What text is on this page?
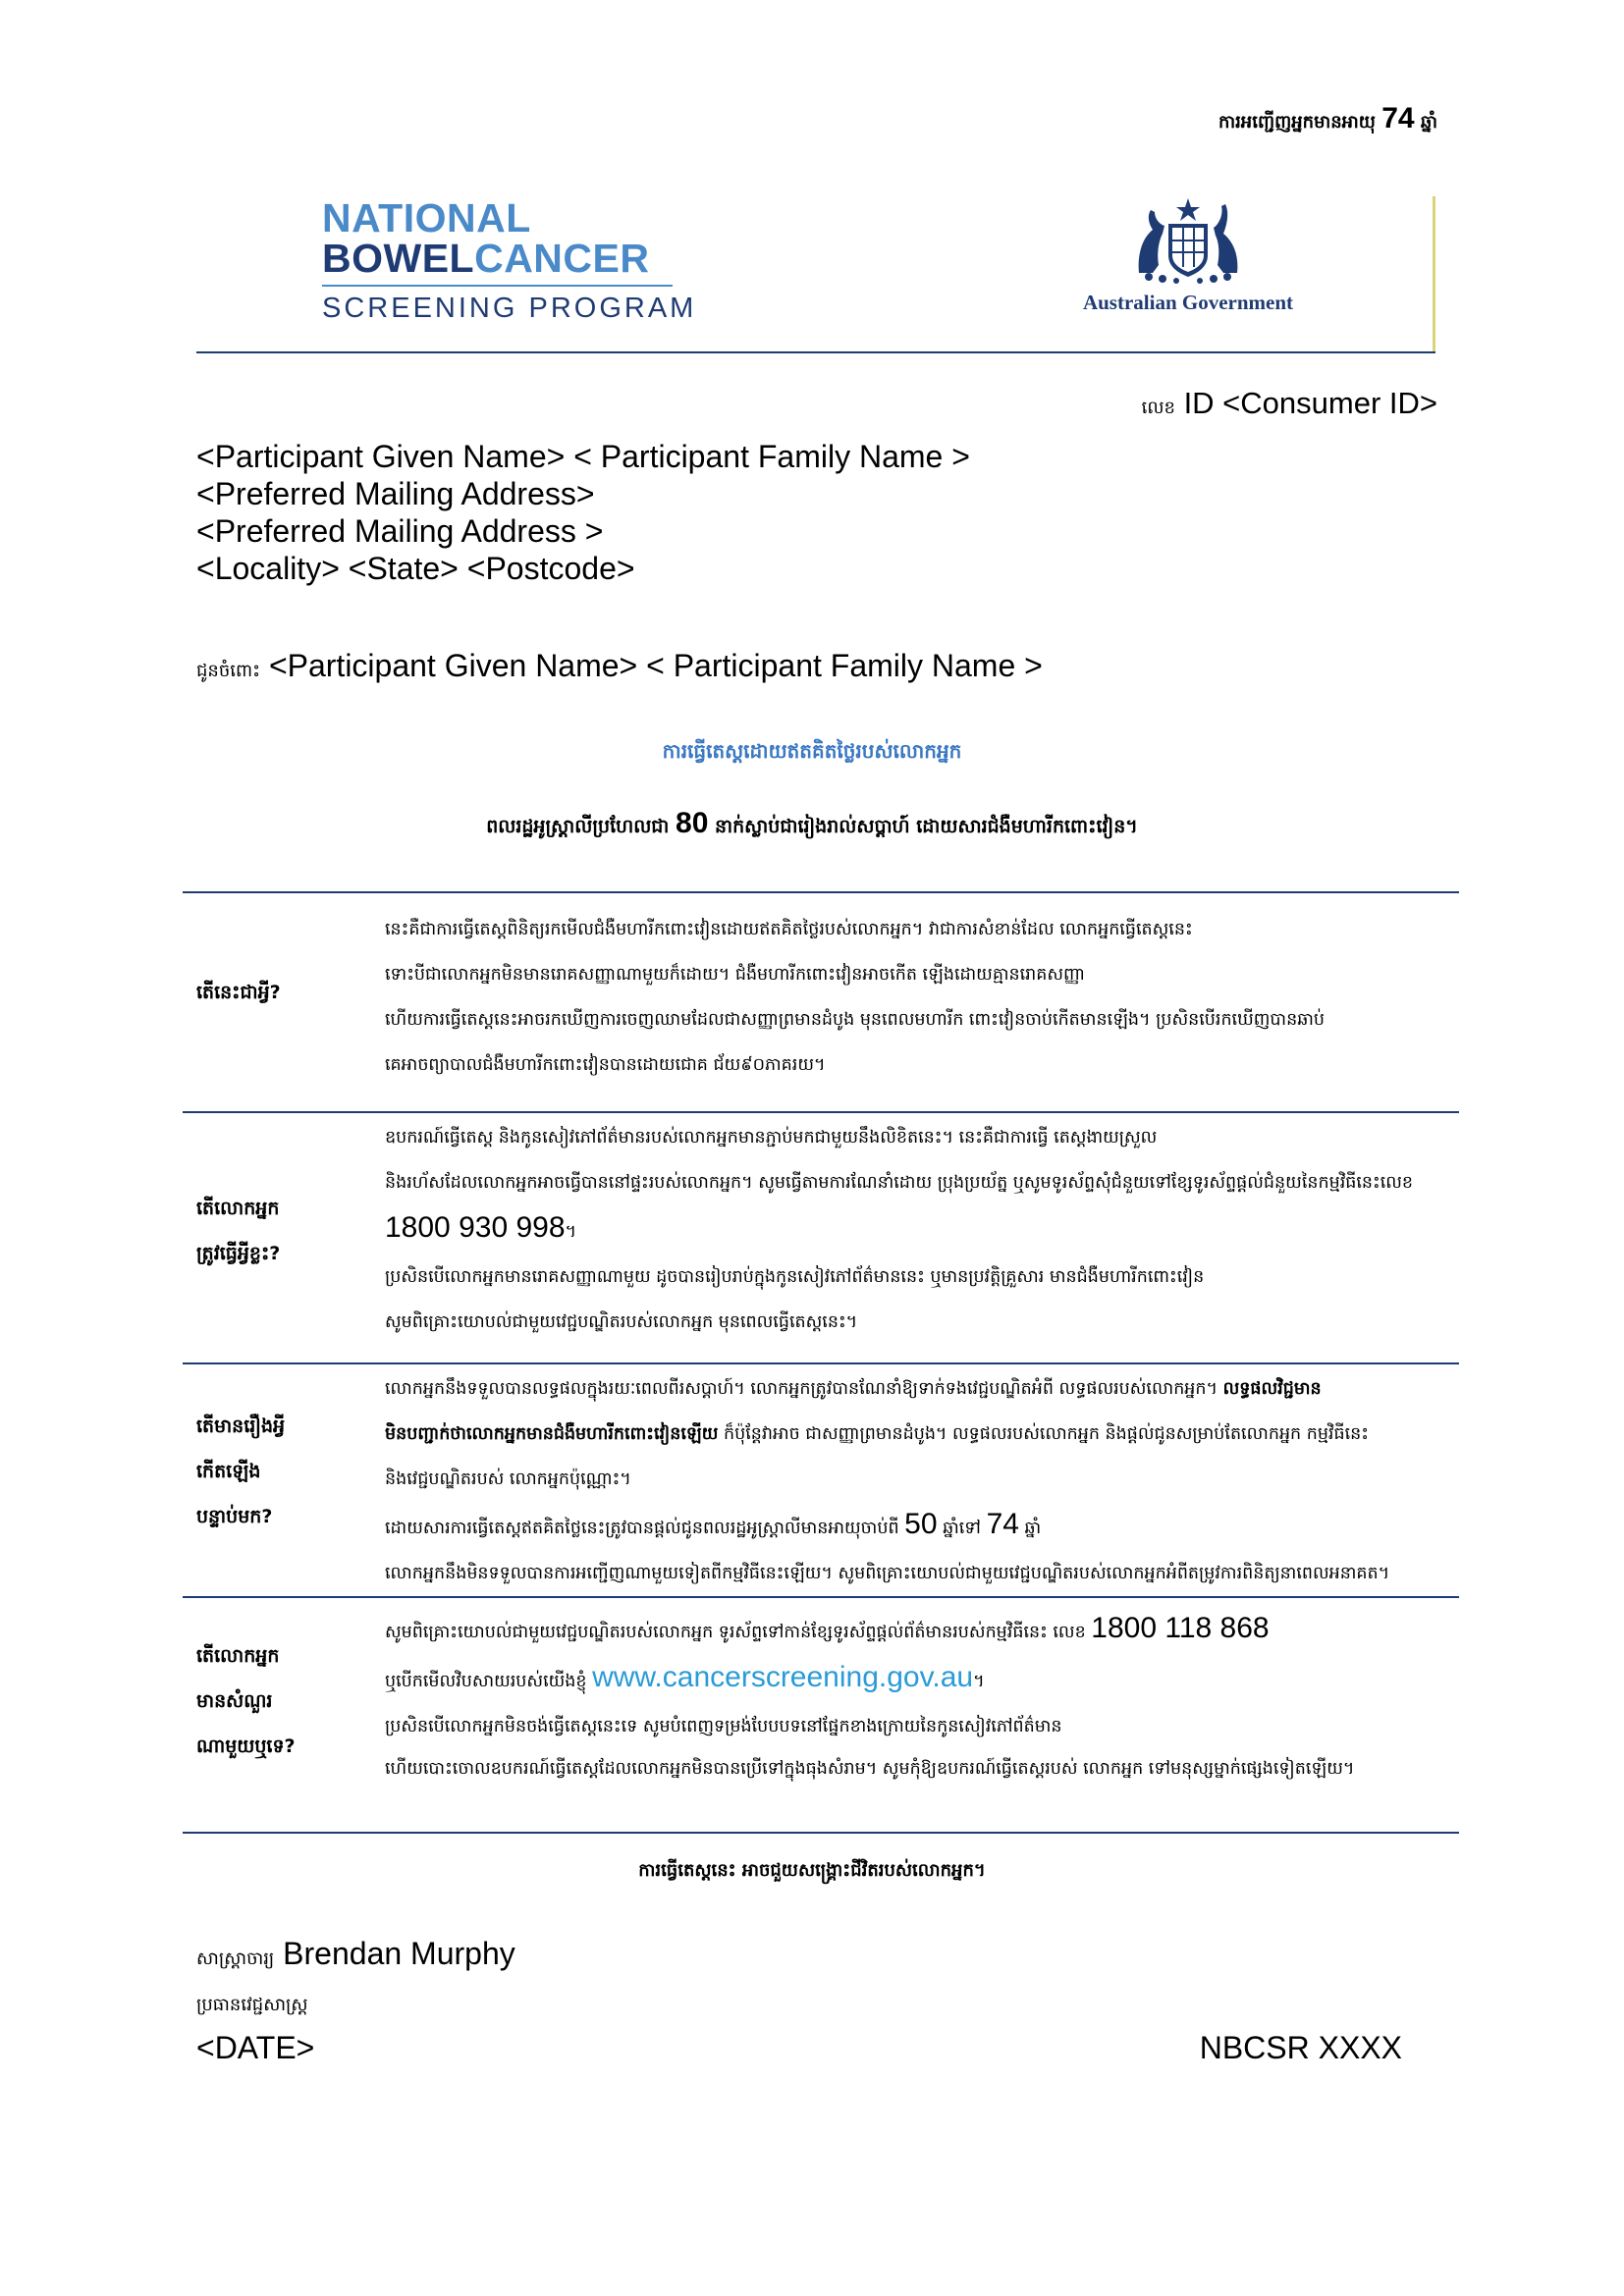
ការអញ្ជើញអ្នកមានអាយុ 74 ឆ្នាំ
NATIONAL
BOWELCANCER
SCREENING PROGRAM	Australian Government
លេខ ID <Consumer ID>
<Participant Given Name> < Participant Family Name >
<Preferred Mailing Address>
<Preferred Mailing Address >
<Locality> <State> <Postcode>
ជូនចំពោះ <Participant Given Name> < Participant Family Name >
ការធ្វើតេស្តដោយឥតគិតថ្លៃរបស់លោកអ្នក
ពលរដ្ឋអូស្ត្រាលីប្រហែលជា 80 នាក់ស្លាប់ជារៀងរាល់សប្ដាហ៍ ដោយសារជំងឺមហារីកពោះវៀន។
តើនេះជាអ្វី?
នេះគឺជាការធ្វើតេស្តពិនិត្យរកមើលជំងឺមហារីកពោះវៀនដោយឥតគិតថ្លៃរបស់លោកអ្នក។ វាជាការសំខាន់ដែល លោកអ្នកធ្វើតេស្តនេះ
ទោះបីជាលោកអ្នកមិនមានរោគសញ្ញាណាមួយក៏ដោយ។ ជំងឺមហារីកពោះវៀនអាចកើត ឡើងដោយគ្មានរោគសញ្ញា
ហើយការធ្វើតេស្តនេះអាចរកឃើញការចេញឈាមដែលជាសញ្ញាព្រមានដំបូង មុនពេលមហារីក ពោះវៀនចាប់កើតមានឡើង។ ប្រសិនបើរកឃើញបានឆាប់
គេអាចព្យាបាលជំងឺមហារីកពោះវៀនបានដោយជោគ ជ័យ៩០ភាគរយ។
តើលោកអ្នក
ត្រូវធ្វើអ្វីខ្លះ?
ឧបករណ៍ធ្វើតេស្ត និងកូនសៀវភៅព័ត៌មានរបស់លោកអ្នកមានភ្ជាប់មកជាមួយនឹងលិខិតនេះ។ នេះគឺជាការធ្វើ តេស្តងាយស្រួល
និងរហ័សដែលលោកអ្នកអាចធ្វើបាននៅផ្ទះរបស់លោកអ្នក។ សូមធ្វើតាមការណែនាំដោយ ប្រុងប្រយ័ត្ន ឬសូមទូរស័ព្ទសុំជំនួយទៅខ្សែទូរស័ព្ទផ្ដល់ជំនួយនៃកម្មវិធីនេះលេខ
1800 930 998។
ប្រសិនបើលោកអ្នកមានរោគសញ្ញាណាមួយ ដូចបានរៀបរាប់ក្នុងកូនសៀវភៅព័ត៌មាននេះ ឬមានប្រវត្តិគ្រួសារ មានជំងឺមហារីកពោះវៀន
សូមពិគ្រោះយោបល់ជាមួយវេជ្ជបណ្ឌិតរបស់លោកអ្នក មុនពេលធ្វើតេស្តនេះ។
តើមានរឿងអ្វី
កើតឡើង
បន្ទាប់មក?
លោកអ្នកនឹងទទួលបានលទ្ធផលក្នុងរយៈពេលពីរសប្ដាហ៍។ លោកអ្នកត្រូវបានណែនាំឱ្យទាក់ទងវេជ្ជបណ្ឌិតអំពី លទ្ធផលរបស់លោកអ្នក។ លទ្ធផលវិជ្ជមាន
មិនបញ្ជាក់ថាលោកអ្នកមានជំងឺមហារីកពោះវៀនឡើយ ក៏ប៉ុន្តែវាអាច ជាសញ្ញាព្រមានដំបូង។ លទ្ធផលរបស់លោកអ្នក និងផ្តល់ជូនសម្រាប់តែលោកអ្នក កម្មវិធីនេះ
និងវេជ្ជបណ្ឌិតរបស់ លោកអ្នកប៉ុណ្ណោះ។
ដោយសារការធ្វើតេស្តឥតគិតថ្លៃនេះត្រូវបានផ្ដល់ជូនពលរដ្ឋអូស្ត្រាលីមានអាយុចាប់ពី 50 ឆ្នាំទៅ 74 ឆ្នាំ
លោកអ្នកនឹងមិនទទួលបានការអញ្ជើញណាមួយទៀតពីកម្មវិធីនេះឡើយ។ សូមពិគ្រោះយោបល់ជាមួយវេជ្ជបណ្ឌិតរបស់លោកអ្នកអំពីតម្រូវការពិនិត្យនាពេលអនាគត។
តើលោកអ្នក
មានសំណួរ
ណាមួយឬទេ?
សូមពិគ្រោះយោបល់ជាមួយវេជ្ជបណ្ឌិតរបស់លោកអ្នក ទូរស័ព្ទទៅកាន់ខ្សែទូរស័ព្ទផ្ដល់ព័ត៌មានរបស់កម្មវិធីនេះ លេខ 1800 118 868
ឬបើកមើលវិបសាយរបស់យើងខ្ញុំ www.cancerscreening.gov.au។
ប្រសិនបើលោកអ្នកមិនចង់ធ្វើតេស្តនេះទេ សូមបំពេញទម្រង់បែបបទនៅផ្នែកខាងក្រោយនៃកូនសៀវភៅព័ត៌មាន
ហើយបោះចោលឧបករណ៍ធ្វើតេស្តដែលលោកអ្នកមិនបានប្រើទៅក្នុងធុងសំរាម។ សូមកុំឱ្យឧបករណ៍ធ្វើតេស្តរបស់ លោកអ្នក ទៅមនុស្សម្នាក់ផ្សេងទៀតឡើយ។
ការធ្វើតេស្តនេះ អាចជួយសង្គ្រោះជីវិតរបស់លោកអ្នក។
សាស្ត្រាចារ្យ Brendan Murphy
ប្រធានវេជ្ជសាស្ត្រ
<DATE>	NBCSR XXXX
